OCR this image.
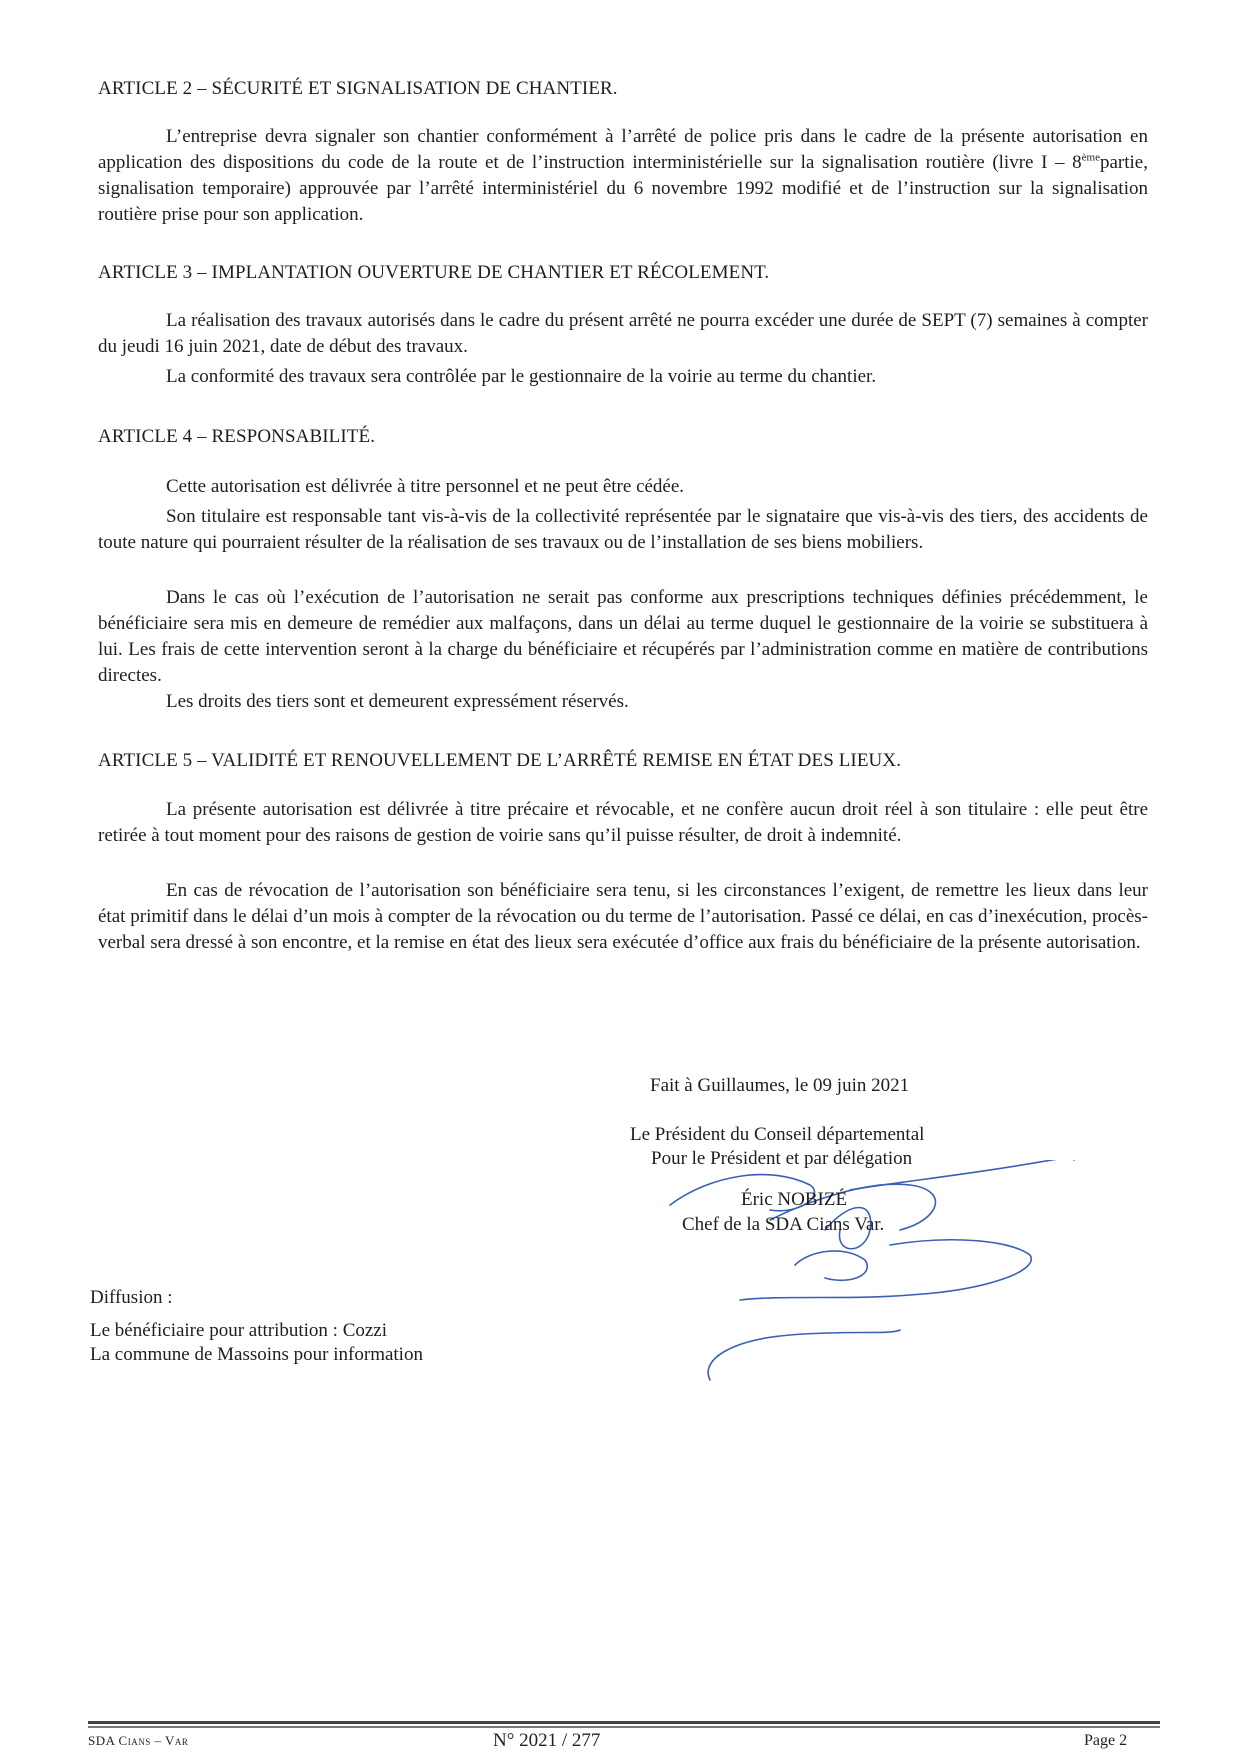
ARTICLE 2 – SÉCURITÉ ET SIGNALISATION DE CHANTIER.

L’entreprise devra signaler son chantier conformément à l’arrêté de police pris dans le cadre de la présente autorisation en application des dispositions du code de la route et de l’instruction interministérielle sur la signalisation routière (livre I – 8èmepartie, signalisation temporaire) approuvée par l’arrêté interministériel du 6 novembre 1992 modifié et de l’instruction sur la signalisation routière prise pour son application.

ARTICLE 3 – IMPLANTATION OUVERTURE DE CHANTIER ET RÉCOLEMENT.

La réalisation des travaux autorisés dans le cadre du présent arrêté ne pourra excéder une durée de SEPT (7) semaines à compter du jeudi 16 juin 2021, date de début des travaux.

La conformité des travaux sera contrôlée par le gestionnaire de la voirie au terme du chantier.

ARTICLE 4 – RESPONSABILITÉ.

Cette autorisation est délivrée à titre personnel et ne peut être cédée.

Son titulaire est responsable tant vis-à-vis de la collectivité représentée par le signataire que vis-à-vis des tiers, des accidents de toute nature qui pourraient résulter de la réalisation de ses travaux ou de l’installation de ses biens mobiliers.

Dans le cas où l’exécution de l’autorisation ne serait pas conforme aux prescriptions techniques définies précédemment, le bénéficiaire sera mis en demeure de remédier aux malfaçons, dans un délai au terme duquel le gestionnaire de la voirie se substituera à lui. Les frais de cette intervention seront à la charge du bénéficiaire et récupérés par l’administration comme en matière de contributions directes.

Les droits des tiers sont et demeurent expressément réservés.

ARTICLE 5 – VALIDITÉ ET RENOUVELLEMENT DE L’ARRÊTÉ REMISE EN ÉTAT DES LIEUX.

La présente autorisation est délivrée à titre précaire et révocable, et ne confère aucun droit réel à son titulaire : elle peut être retirée à tout moment pour des raisons de gestion de voirie sans qu’il puisse résulter, de droit à indemnité.

En cas de révocation de l’autorisation son bénéficiaire sera tenu, si les circonstances l’exigent, de remettre les lieux dans leur état primitif dans le délai d’un mois à compter de la révocation ou du terme de l’autorisation. Passé ce délai, en cas d’inexécution, procès-verbal sera dressé à son encontre, et la remise en état des lieux sera exécutée d’office aux frais du bénéficiaire de la présente autorisation.

Fait à Guillaumes, le 09 juin 2021
Le Président du Conseil départemental
Pour le Président et par délégation
Éric NOBIZÉ
Chef de la SDA Cians Var.
Diffusion :
Le bénéficiaire pour attribution : Cozzi
La commune de Massoins pour information
SDA Cians – Var	N° 2021 / 277	Page 2
